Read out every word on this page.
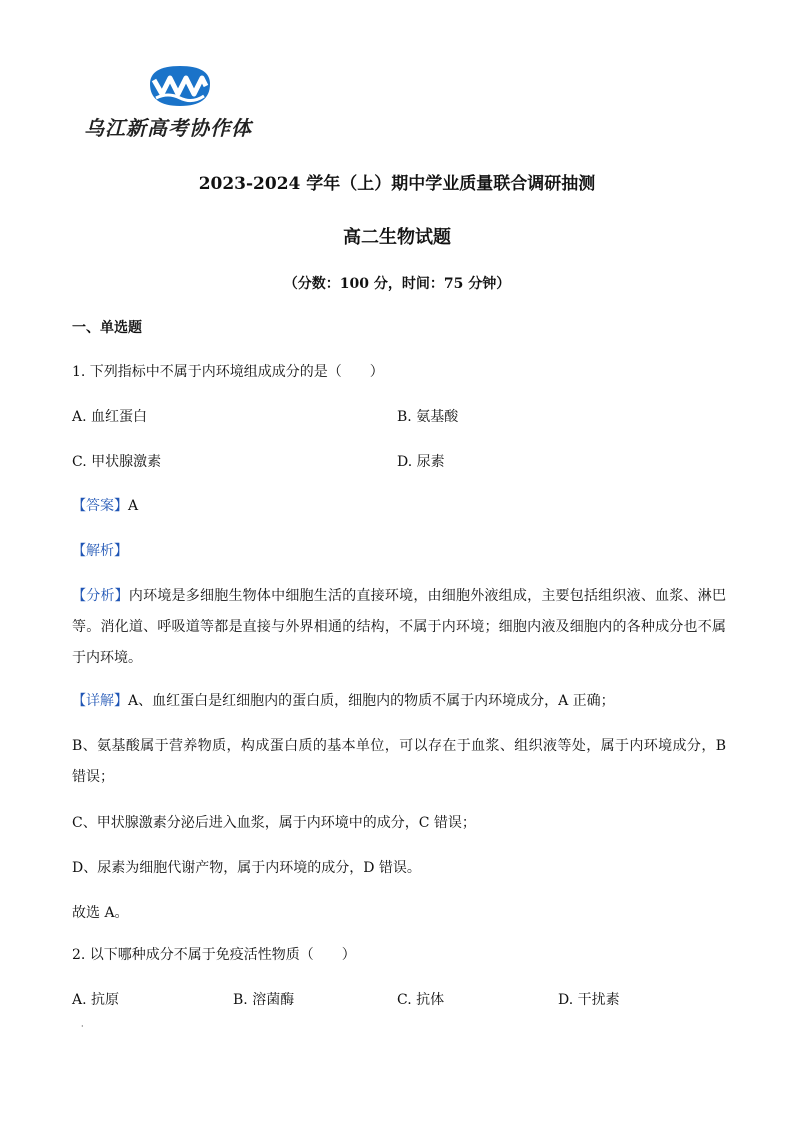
乌江新高考协作体
2023-2024 学年（上）期中学业质量联合调研抽测
高二生物试题
（分数：100 分，时间：75 分钟）
一、单选题
1. 下列指标中不属于内环境组成成分的是（　　）
A. 血红蛋白	B. 氨基酸
C. 甲状腺激素	D. 尿素
【答案】A
【解析】
【分析】内环境是多细胞生物体中细胞生活的直接环境，由细胞外液组成，主要包括组织液、血浆、淋巴等。消化道、呼吸道等都是直接与外界相通的结构，不属于内环境；细胞内液及细胞内的各种成分也不属于内环境。
【详解】A、血红蛋白是红细胞内的蛋白质，细胞内的物质不属于内环境成分，A 正确；
B、氨基酸属于营养物质，构成蛋白质的基本单位，可以存在于血浆、组织液等处，属于内环境成分，B 错误；
C、甲状腺激素分泌后进入血浆，属于内环境中的成分，C 错误；
D、尿素为细胞代谢产物，属于内环境的成分，D 错误。
故选 A。
2. 以下哪种成分不属于免疫活性物质（　　）
A. 抗原	B. 溶菌酶	C. 抗体	D. 干扰素
·
